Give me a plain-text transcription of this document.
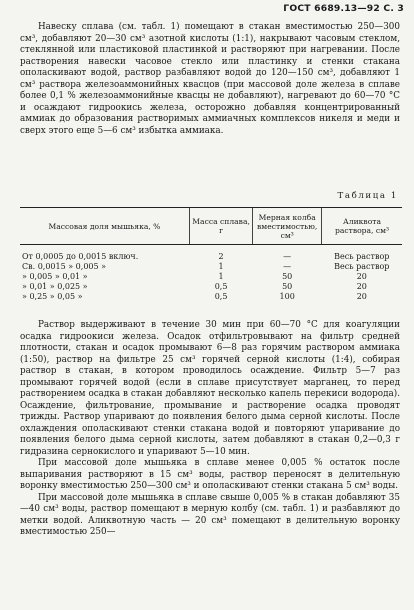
ГОСТ 6689.13—92 С. 3

Навеску сплава (см. табл. 1) помещают в стакан вместимостью 250—300 см³, добавляют 20—30 см³ азотной кислоты (1:1), накрывают часовым стеклом, стеклянной или пластиковой пластинкой и растворяют при нагревании. После растворения навески часовое стекло или пластинку и стенки стакана ополаскивают водой, раствор разбавляют водой до 120—150 см³, добавляют 1 см³ раствора железоаммонийных квасцов (при массовой доле железа в сплаве более 0,1 % железоаммонийные квасцы не добавляют), нагревают до 60—70 °С и осаждают гидроокись железа, осторожно добавляя концентрированный аммиак до образования растворимых аммиачных комплексов никеля и меди и сверх этого еще 5—6 см³ избытка аммиака.

Таблица 1
Массовая доля мышьяка, %	Масса сплава, г	Мерная колба вместимостью, см³	Аликвота раствора, см³

От 0,0005 до 0,0015 включ.	2	—	Весь раствор
Св. 0,0015 » 0,005 »	1	—	Весь раствор
» 0,005 » 0,01 »	1	50	20
» 0,01 » 0,025 »	0,5	50	20
» 0,25 » 0,05 »	0,5	100	20

Раствор выдерживают в течение 30 мин при 60—70 °С для коагуляции осадка гидроокиси железа. Осадок отфильтровывают на фильтр средней плотности, стакан и осадок промывают 6—8 раз горячим раствором аммиака (1:50), раствор на фильтре 25 см³ горячей серной кислоты (1:4), собирая раствор в стакан, в котором проводилось осаждение. Фильтр 5—7 раз промывают горячей водой (если в сплаве присутствует марганец, то перед растворением осадка в стакан добавляют несколько капель перекиси водорода). Осаждение, фильтрование, промывание и растворение осадка проводят трижды. Раствор упаривают до появления белого дыма серной кислоты. После охлаждения ополаскивают стенки стакана водой и повторяют упаривание до появления белого дыма серной кислоты, затем добавляют в стакан 0,2—0,3 г гидразина сернокислого и упаривают 5—10 мин.

При массовой доле мышьяка в сплаве менее 0,005 % остаток после выпаривания растворяют в 15 см³ воды, раствор переносят в делительную воронку вместимостью 250—300 см³ и ополаскивают стенки стакана 5 см³ воды.

При массовой доле мышьяка в сплаве свыше 0,005 % в стакан добавляют 35—40 см³ воды, раствор помещают в мерную колбу (см. табл. 1) и разбавляют до метки водой. Аликвотную часть — 20 см³ помещают в делительную воронку вместимостью 250—
